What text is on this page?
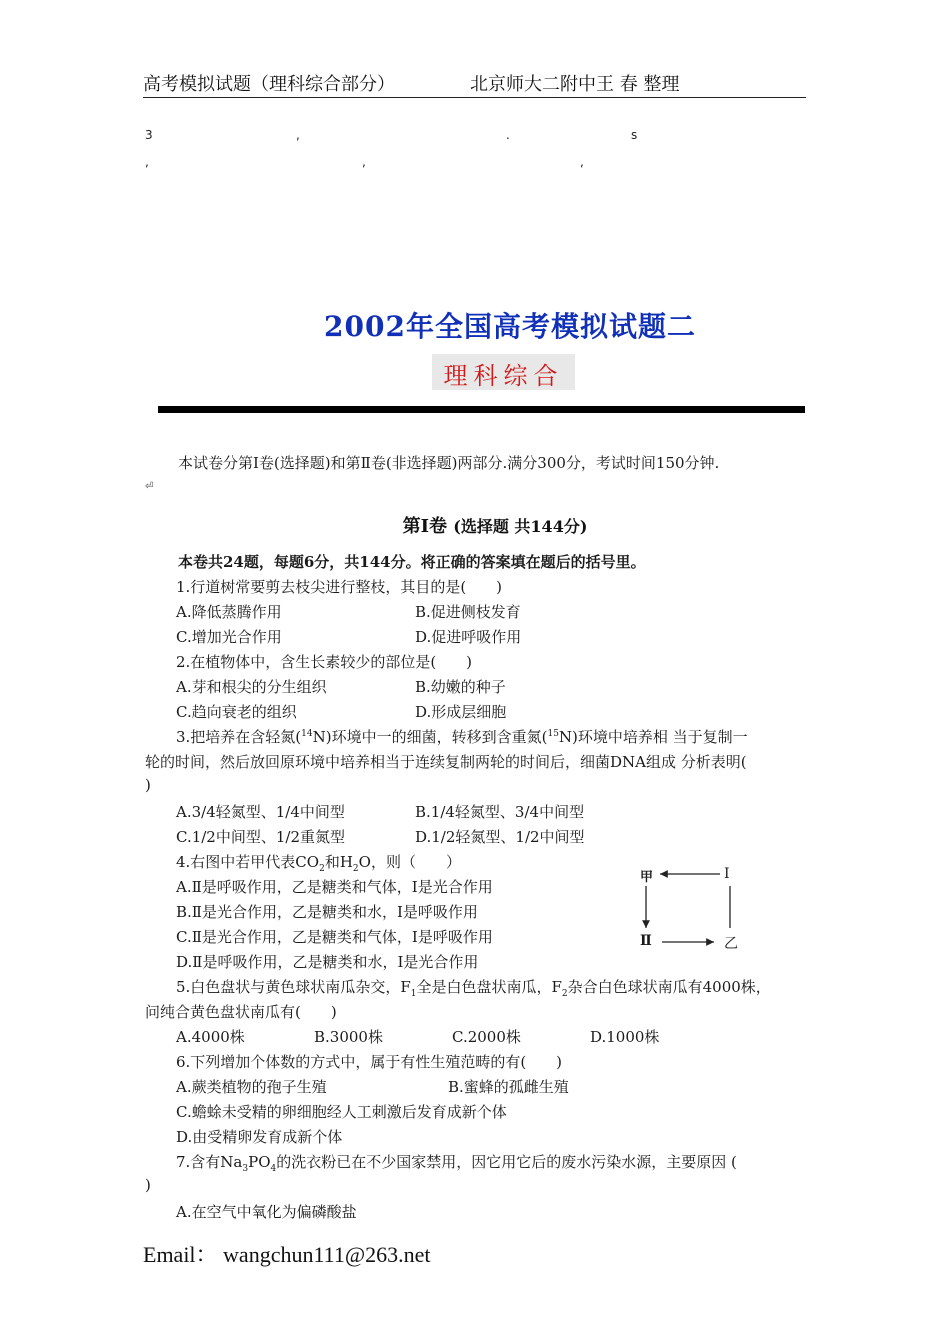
高考模拟试题（理科综合部分）	北京师大二附中王 春 整理
3	,	.	s
,	,	,
2002年全国高考模拟试题二
理科综合
本试卷分第Ⅰ卷(选择题)和第Ⅱ卷(非选择题)两部分.满分300分，考试时间150分钟.
⏎
第Ⅰ卷 (选择题 共144分)
本卷共24题，每题6分，共144分。将正确的答案填在题后的括号里。
1.行道树常要剪去枝尖进行整枝，其目的是(　　)
A.降低蒸腾作用	B.促进侧枝发育
C.增加光合作用	D.促进呼吸作用
2.在植物体中，含生长素较少的部位是(　　)
A.芽和根尖的分生组织	B.幼嫩的种子
C.趋向衰老的组织	D.形成层细胞
3.把培养在含轻氮($^{14}$N)环境中一的细菌，转移到含重氮($^{15}$N)环境中培养相 当于复制一
轮的时间，然后放回原环境中培养相当于连续复制两轮的时间后，细菌DNA组成 分析表明(
)
A.3/4轻氮型、1/4中间型	B.1/4轻氮型、3/4中间型
C.1/2中间型、1/2重氮型	D.1/2轻氮型、1/2中间型
4.右图中若甲代表$CO_2$和$H_2O$，则（　　）
A.Ⅱ是呼吸作用，乙是糖类和气体，Ⅰ是光合作用
B.Ⅱ是光合作用，乙是糖类和水，Ⅰ是呼吸作用
C.Ⅱ是光合作用，乙是糖类和气体，Ⅰ是呼吸作用
D.Ⅱ是呼吸作用，乙是糖类和水，Ⅰ是光合作用
甲	Ⅰ
Ⅱ	乙
5.白色盘状与黄色球状南瓜杂交，$F_1$全是白色盘状南瓜，$F_2$杂合白色球状南瓜有4000株，
问纯合黄色盘状南瓜有(　　)
A.4000株	B.3000株	C.2000株	D.1000株
6.下列增加个体数的方式中，属于有性生殖范畴的有(　　)
A.蕨类植物的孢子生殖	B.蜜蜂的孤雌生殖
C.蟾蜍未受精的卵细胞经人工刺激后发育成新个体
D.由受精卵发育成新个体
7.含有$Na_3PO_4$的洗衣粉已在不少国家禁用，因它用它后的废水污染水源，主要原因 (
)
A.在空气中氧化为偏磷酸盐
Email： wangchun111@263.net
